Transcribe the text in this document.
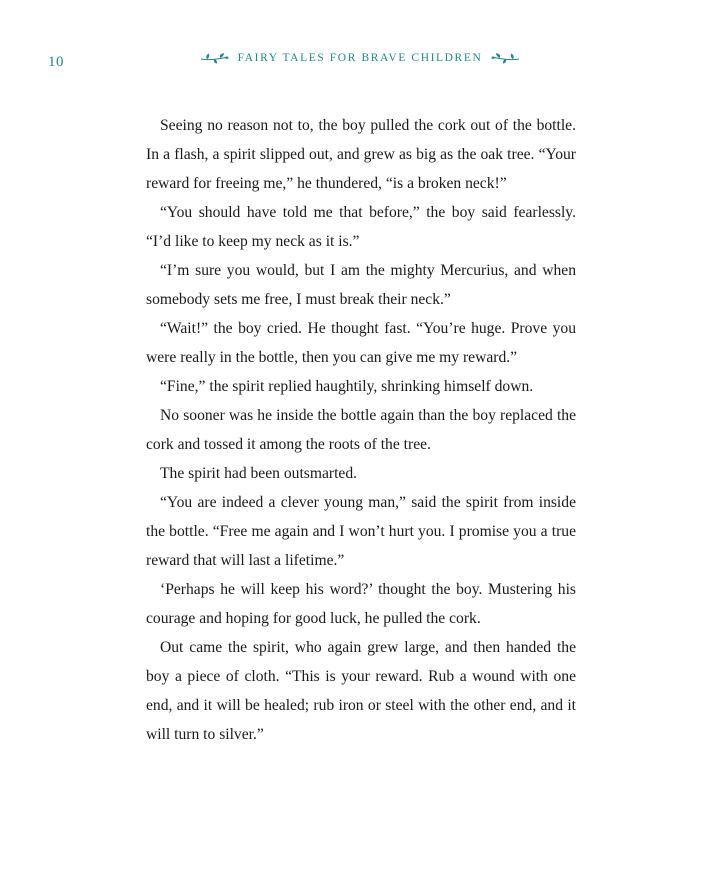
10	FAIRY TALES FOR BRAVE CHILDREN

Seeing no reason not to, the boy pulled the cork out of the bottle. In a flash, a spirit slipped out, and grew as big as the oak tree. “Your reward for freeing me,” he thundered, “is a broken neck!”

“You should have told me that before,” the boy said fearlessly. “I’d like to keep my neck as it is.”

“I’m sure you would, but I am the mighty Mercurius, and when somebody sets me free, I must break their neck.”

“Wait!” the boy cried. He thought fast. “You’re huge. Prove you were really in the bottle, then you can give me my reward.”

“Fine,” the spirit replied haughtily, shrinking himself down.

No sooner was he inside the bottle again than the boy replaced the cork and tossed it among the roots of the tree.

The spirit had been outsmarted.

“You are indeed a clever young man,” said the spirit from inside the bottle. “Free me again and I won’t hurt you. I promise you a true reward that will last a lifetime.”

‘Perhaps he will keep his word?’ thought the boy. Mustering his courage and hoping for good luck, he pulled the cork.

Out came the spirit, who again grew large, and then handed the boy a piece of cloth. “This is your reward. Rub a wound with one end, and it will be healed; rub iron or steel with the other end, and it will turn to silver.”
